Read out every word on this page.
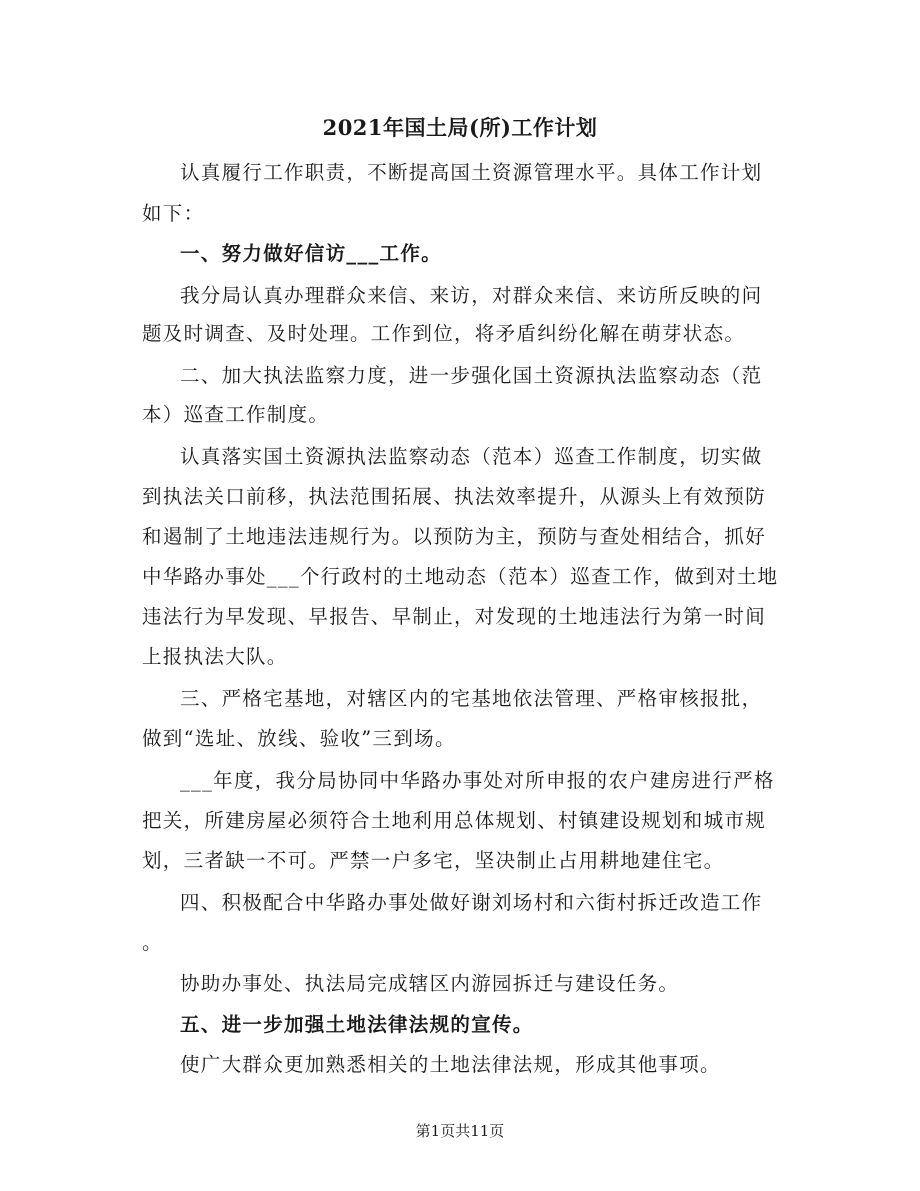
2021年国土局(所)工作计划
认真履行工作职责，不断提高国土资源管理水平。具体工作计划
如下：
一、努力做好信访___工作。
我分局认真办理群众来信、来访，对群众来信、来访所反映的问
题及时调查、及时处理。工作到位，将矛盾纠纷化解在萌芽状态。
二、加大执法监察力度，进一步强化国土资源执法监察动态（范
本）巡查工作制度。
认真落实国土资源执法监察动态（范本）巡查工作制度，切实做
到执法关口前移，执法范围拓展、执法效率提升，从源头上有效预防
和遏制了土地违法违规行为。以预防为主，预防与查处相结合，抓好
中华路办事处___个行政村的土地动态（范本）巡查工作，做到对土地
违法行为早发现、早报告、早制止，对发现的土地违法行为第一时间
上报执法大队。
三、严格宅基地，对辖区内的宅基地依法管理、严格审核报批，
做到“选址、放线、验收”三到场。
___年度，我分局协同中华路办事处对所申报的农户建房进行严格
把关，所建房屋必须符合土地利用总体规划、村镇建设规划和城市规
划，三者缺一不可。严禁一户多宅，坚决制止占用耕地建住宅。
四、积极配合中华路办事处做好谢刘场村和六街村拆迁改造工作
。
协助办事处、执法局完成辖区内游园拆迁与建设任务。
五、进一步加强土地法律法规的宣传。
使广大群众更加熟悉相关的土地法律法规，形成其他事项。
第1页共11页
